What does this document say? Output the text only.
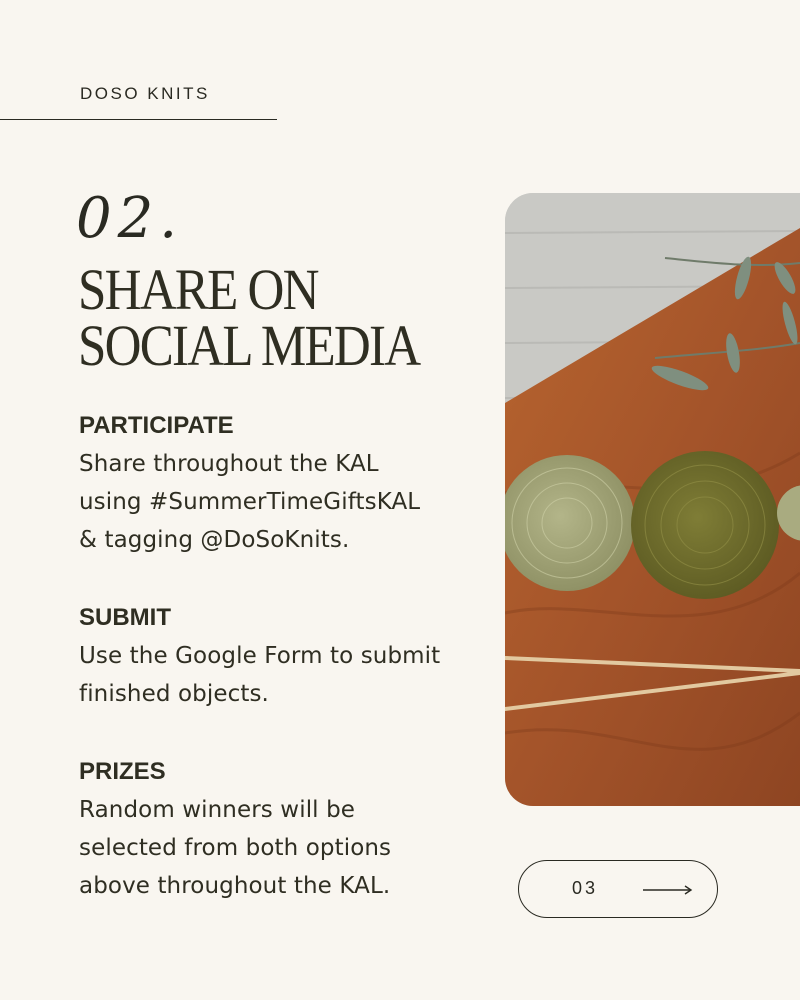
DOSO KNITS
02.
SHARE ON
SOCIAL MEDIA
PARTICIPATE

Share throughout the KAL
using #SummerTimeGiftsKAL
& tagging @DoSoKnits.

SUBMIT

Use the Google Form to submit
finished objects.

PRIZES

Random winners will be
selected from both options
above throughout the KAL.	03
